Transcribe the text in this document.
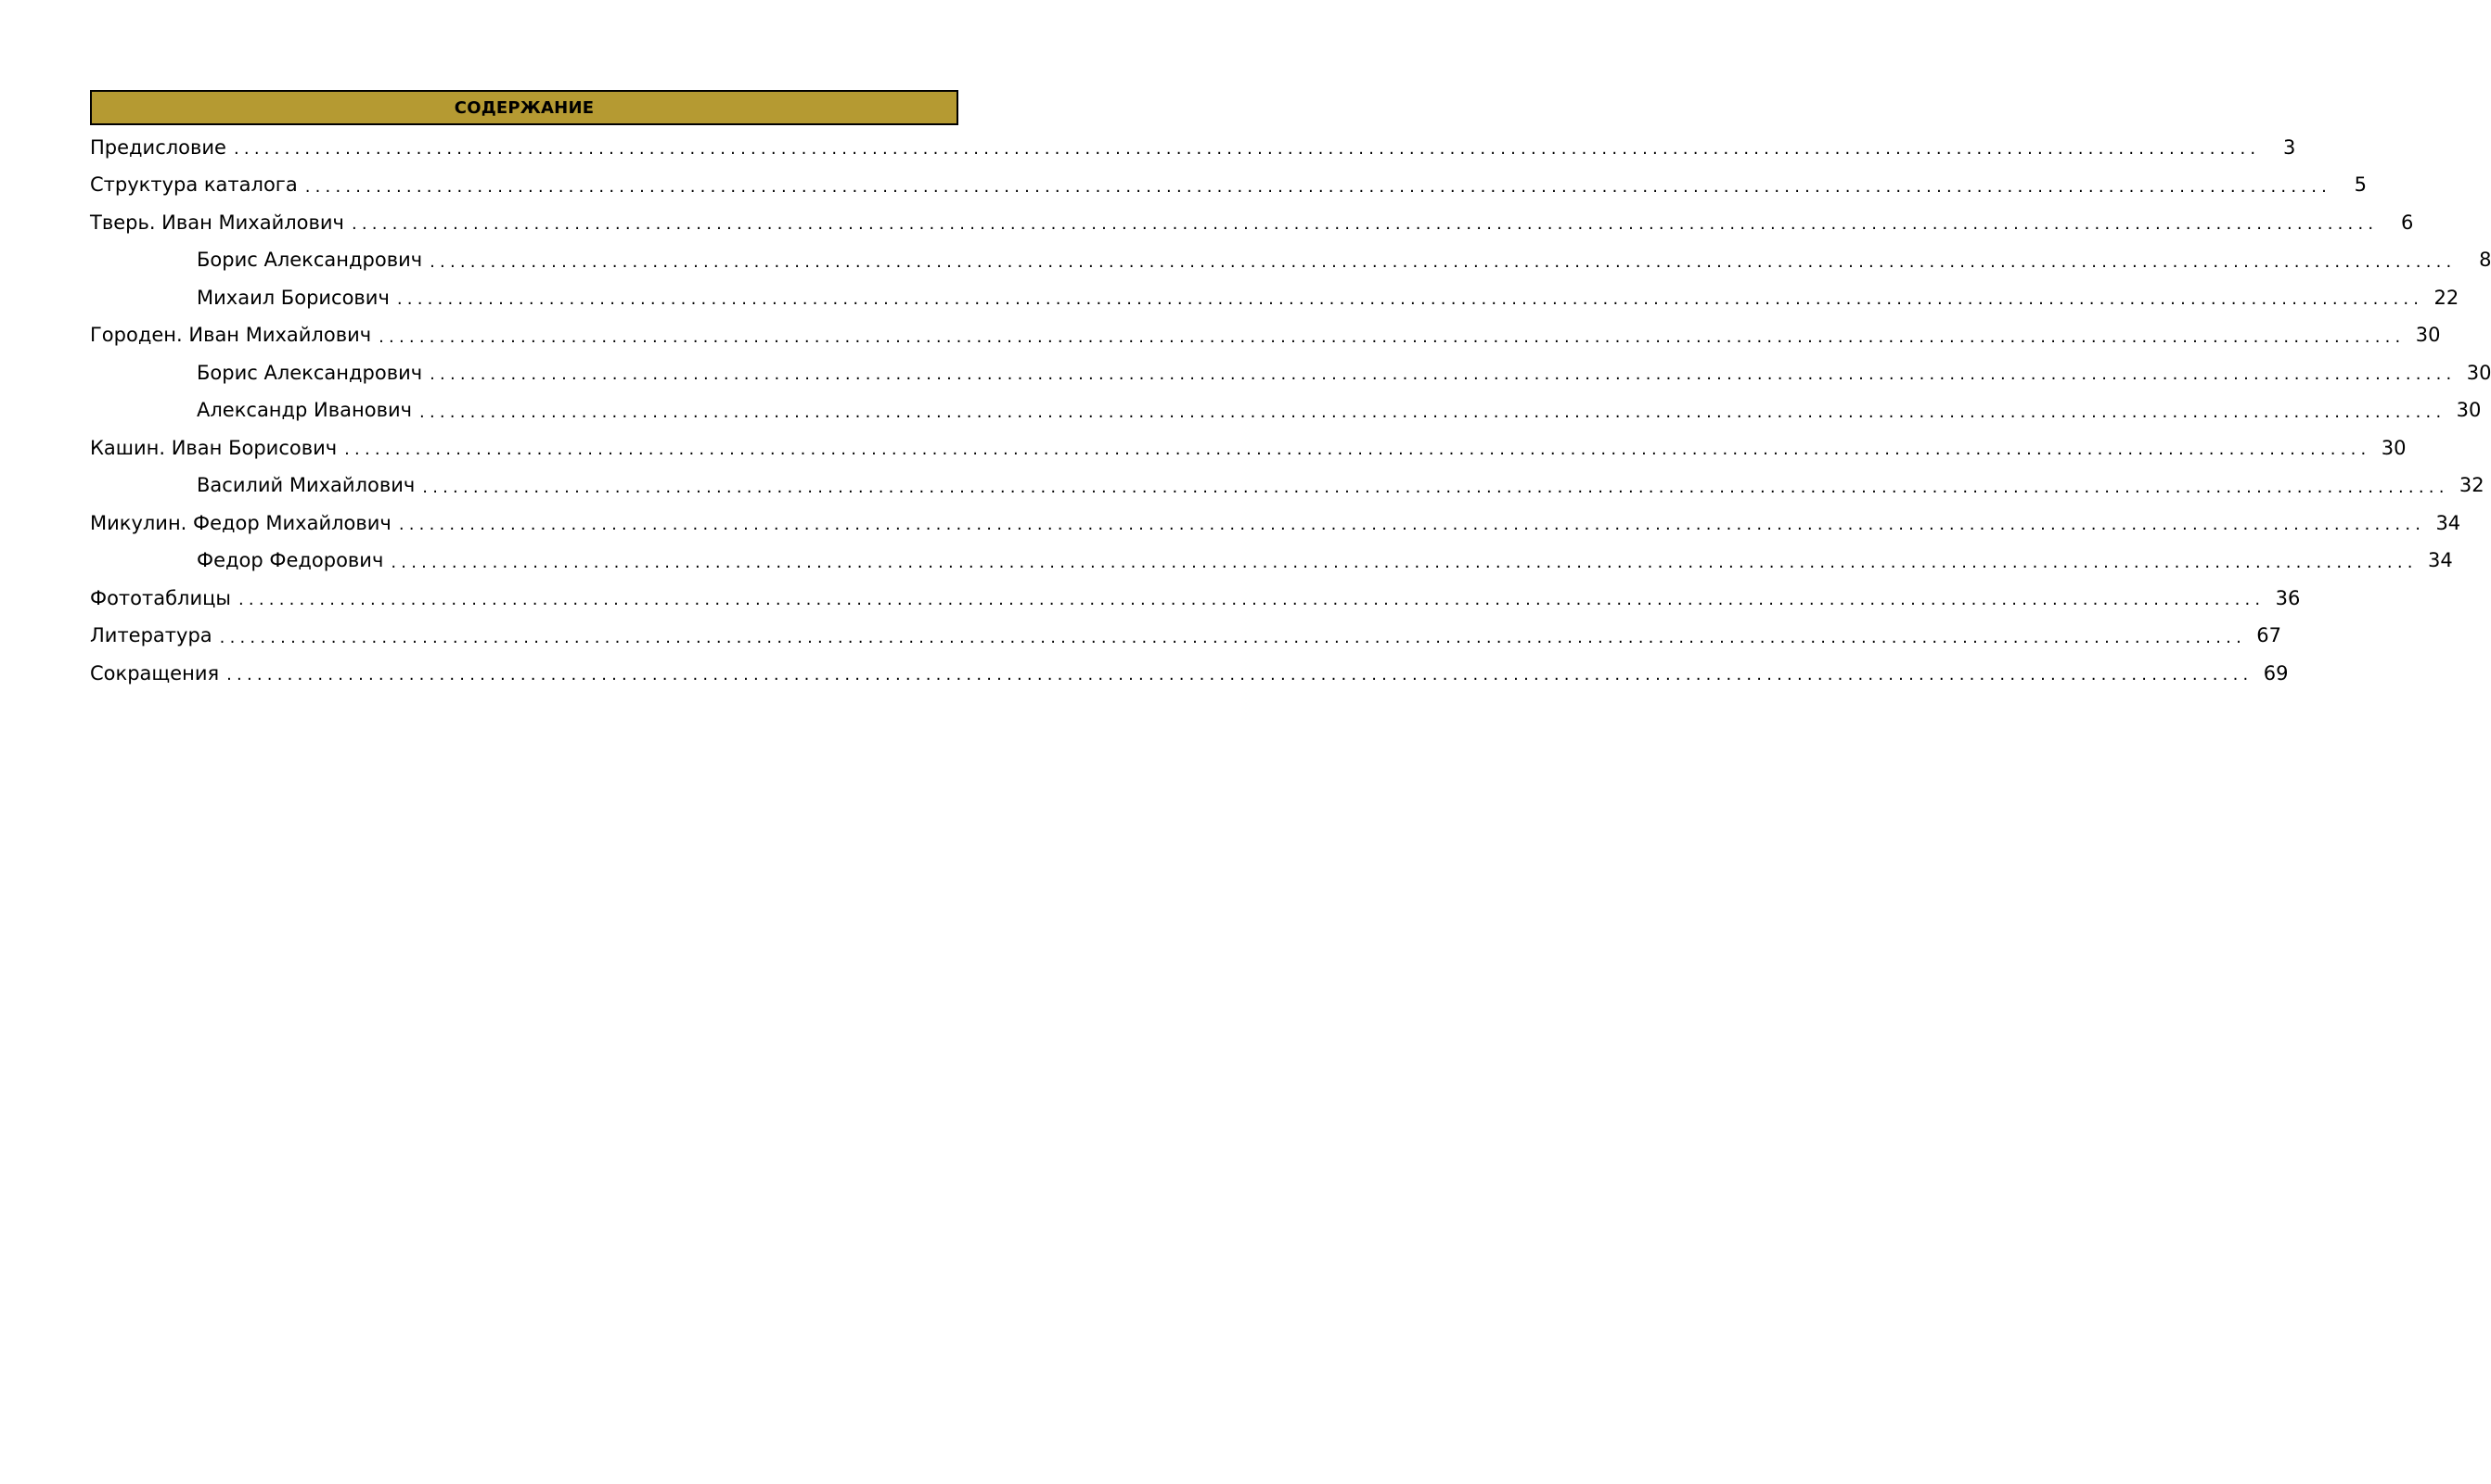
СОДЕРЖАНИЕ
Предисловие ........................................................................................................................................................................................................	3
Структура каталога ........................................................................................................................................................................................................	5
Тверь. Иван Михайлович ........................................................................................................................................................................................................	6
Борис Александрович ........................................................................................................................................................................................................	8
Михаил Борисович ........................................................................................................................................................................................................ 22
Городен. Иван Михайлович ........................................................................................................................................................................................................ 30
Борис Александрович ........................................................................................................................................................................................................ 30
Александр Иванович ........................................................................................................................................................................................................ 30
Кашин. Иван Борисович ........................................................................................................................................................................................................ 30
Василий Михайлович ........................................................................................................................................................................................................ 32
Микулин. Федор Михайлович ........................................................................................................................................................................................................ 34
Федор Федорович ........................................................................................................................................................................................................ 34
Фототаблицы ........................................................................................................................................................................................................ 36
Литература ........................................................................................................................................................................................................ 67
Сокращения ........................................................................................................................................................................................................ 69
